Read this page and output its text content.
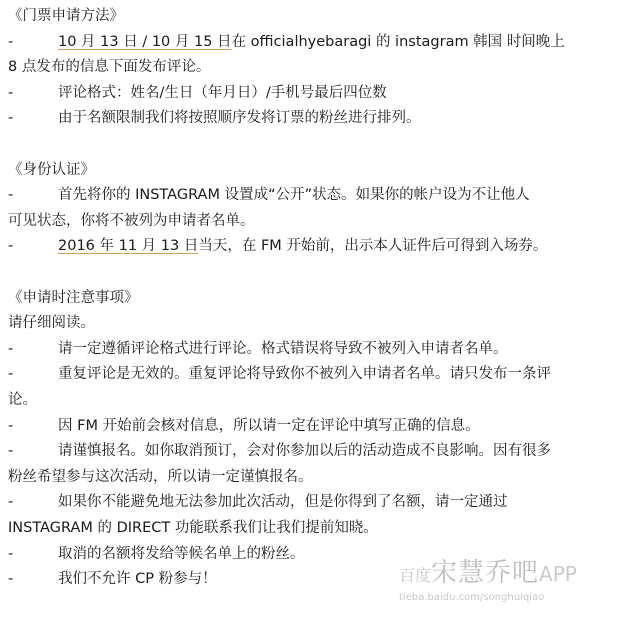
《门票申请方法》
-	10 月 13 日 / 10 月 15 日在 officialhyebaragi 的 instagram 韩国 时间晚上
8 点发布的信息下面发布评论。
-	评论格式：姓名/生日（年月日）/手机号最后四位数
-	由于名额限制我们将按照顺序发将订票的粉丝进行排列。
《身份认证》
-	首先将你的 INSTAGRAM 设置成“公开”状态。如果你的帐户设为不让他人
可见状态，你将不被列为申请者名单。
-	2016 年 11 月 13 日当天，在 FM 开始前，出示本人证件后可得到入场券。
《申请时注意事项》
请仔细阅读。
-	请一定遵循评论格式进行评论。格式错误将导致不被列入申请者名单。
-	重复评论是无效的。重复评论将导致你不被列入申请者名单。请只发布一条评
论。
-	因 FM 开始前会核对信息，所以请一定在评论中填写正确的信息。
-	请谨慎报名。如你取消预订，会对你参加以后的活动造成不良影响。因有很多
粉丝希望参与这次活动，所以请一定谨慎报名。
-	如果你不能避免地无法参加此次活动，但是你得到了名额，请一定通过
INSTAGRAM 的 DIRECT 功能联系我们让我们提前知晓。
-	取消的名额将发给等候名单上的粉丝。
-	我们不允许 CP 粉参与！	百度宋慧乔吧APP
tieba.baidu.com/songhuiqiao
